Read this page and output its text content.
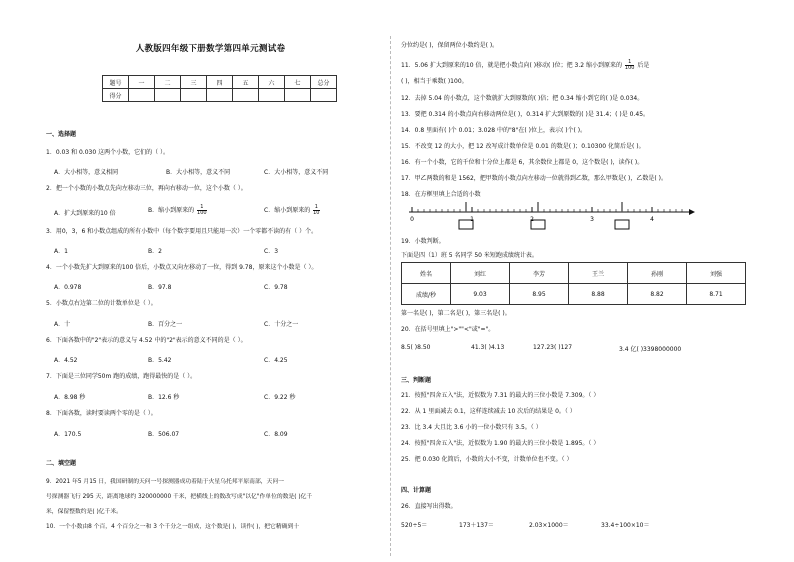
人教版四年级下册数学第四单元测试卷
题号	一	二	三	四	五	六	七	总分
得分								
一、选择题
1．0.03 和 0.030 这两个小数，它们的（ ）。
A．大小相等，意义相同	B．大小相等，意义不同	C．大小相等，意义不同
2．把一个小数的小数点先向左移动三位，再向右移动一位，这个小数（ ）。
A．扩大到原来的10 倍	B．缩小到原来的 $\frac{1}{100}$	C．缩小到原来的 $\frac{1}{10}$
3．用0，3，6 和小数点组成的所有小数中（每个数字要用且只能用一次）一个零都不读的有（ ）个。
A．1	B．2	C．3
4．一个小数先扩大到原来的100 倍后，小数点又向左移动了一位，得到 9.78，原来这个小数是（ ）。
A．0.978	B．97.8	C．9.78
5．小数点右边第二位的计数单位是（ ）。
A．十	B．百分之一	C．十分之一
6．下面各数中的"2"表示的意义与 4.52 中的"2"表示的意义不同的是（ ）。
A．4.52	B．5.42	C．4.25
7．下面是三位同学50m 跑的成绩，跑得最快的是（ ）。
A．8.98 秒	B．12.6 秒	C．9.22 秒
8．下面各数，读时要读两个零的是（ ）。
A．170.5	B．506.07	C．8.09
二、填空题
9．2021 年5 月15 日，我国研制的天问一号探测器成功着陆于火星乌托邦平原南部，天问一
号探测器飞行 295 天，距离地球约 320000000 千米，把横线上的数改写成"以亿"作单位的数是( )亿千
米，保留整数约是( )亿千米。
10．一个小数由8 个百，4 个百分之一和 3 个千分之一组成，这个数是( )，读作( )，把它精确到十
分位约是( )，保留两位小数约是( )。
11．5.06 扩大到原来的10 倍，就是把小数点向( )移动( )位；把 3.2 缩小到原来的 $\frac{1}{100}$ 后是
( )，相当于乘数( )100。
12．去掉 5.04 的小数点，这个数就扩大到原数的( )倍；把 0.34 缩小到它的( )是 0.034。
13．要把 0.314 的小数点向右移动两位是( )，0.314 扩大到原数的( )是 31.4；( )是 0.45。
14．0.8 里面有( )个 0.01；3.028 中的"8"在( )位上，表示( )个( )。
15．不改变 12 的大小，把 12 改写成计数单位是 0.01 的数是( )；0.10300 化简后是( )。
16．有一个小数，它的千位和十分位上都是 6，其余数位上都是 0，这个数是( )，读作( )。
17．甲乙两数的和是 1562，把甲数的小数点向左移动一位就得到乙数，那么甲数是( )，乙数是( )。
18．在方框里填上合适的小数
0	1	2	3	4
19．小数判断。
下面是四（1）班 5 名同学 50 米短跑成绩统计表。
姓名	刘红	李芳	王兰	孙刚	刘强
成绩/秒	9.03	8.95	8.88	8.82	8.71
第一名是( )，第二名是( )，第三名是( )。
20．在括号里填上">""<"或"="。
8.5( )8.50	41.3( )4.13	127.23( )127	3.4 亿( )3398000000
三、判断题
21．按照"四舍五入"法，近似数为 7.31 的最大的三位小数是 7.309。（ ）
22．从 1 里面减去 0.1，这样连续减去 10 次后的结果是 0。（ ）
23．比 3.4 大且比 3.6 小的一位小数只有 3.5。（ ）
24．按照"四舍五入"法，近似数为 1.90 的最大的三位小数是 1.895。（ ）
25．把 0.030 化简后，小数的大小不变，计数单位也不变。（ ）
四、计算题
26．直接写出得数。
520÷5＝	173＋137＝	2.03×1000＝	33.4÷100×10＝
